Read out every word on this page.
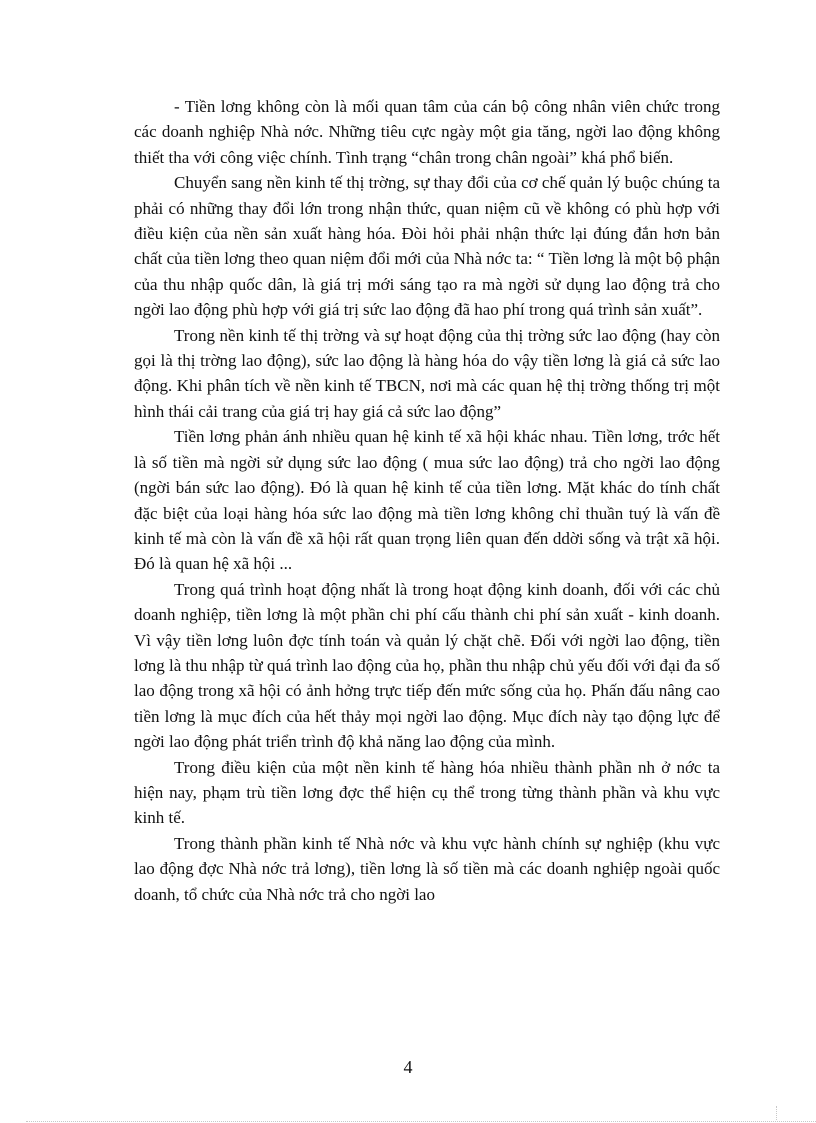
- Tiền lơng không còn là mối quan tâm của cán bộ công nhân viên chức trong các doanh nghiệp Nhà nớc. Những tiêu cực ngày một gia tăng, ngời lao động không thiết tha với công việc chính. Tình trạng “chân trong chân ngoài” khá phổ biến.

Chuyển sang nền kinh tế thị trờng, sự thay đổi của cơ chế quản lý buộc chúng ta phải có những thay đổi lớn trong nhận thức, quan niệm cũ về không có phù hợp với điều kiện của nền sản xuất hàng hóa. Đòi hỏi phải nhận thức lại đúng đắn hơn bản chất của tiền lơng theo quan niệm đổi mới của Nhà nớc ta: “ Tiền lơng là một bộ phận của thu nhập quốc dân, là giá trị mới sáng tạo ra mà ngời sử dụng lao động trả cho ngời lao động phù hợp với giá trị sức lao động đã hao phí trong quá trình sản xuất”.

Trong nền kinh tế thị trờng và sự hoạt động của thị trờng sức lao động (hay còn gọi là thị trờng lao động), sức lao động là hàng hóa do vậy tiền lơng là giá cả sức lao động. Khi phân tích về nền kinh tế TBCN, nơi mà các quan hệ thị trờng thống trị một hình thái cải trang của giá trị hay giá cả sức lao động”

Tiền lơng phản ánh nhiều quan hệ kinh tế xã hội khác nhau. Tiền lơng, trớc hết là số tiền mà ngời sử dụng sức lao động ( mua sức lao động) trả cho ngời lao động (ngời bán sức lao động). Đó là quan hệ kinh tế của tiền lơng. Mặt khác do tính chất đặc biệt của loại hàng hóa sức lao động mà tiền lơng không chỉ thuần tuý là vấn đề kinh tế mà còn là vấn đề xã hội rất quan trọng liên quan đến ddời sống và trật xã hội. Đó là quan hệ xã hội ...

Trong quá trình hoạt động nhất là trong hoạt động kinh doanh, đối với các chủ doanh nghiệp, tiền lơng là một phần chi phí cấu thành chi phí sản xuất - kinh doanh. Vì vậy tiền lơng luôn đợc tính toán và quản lý chặt chẽ. Đối với ngời lao động, tiền lơng là thu nhập từ quá trình lao động của họ, phần thu nhập chủ yếu đối với đại đa số lao động trong xã hội có ảnh hởng trực tiếp đến mức sống của họ. Phấn đấu nâng cao tiền lơng là mục đích của hết thảy mọi ngời lao động. Mục đích này tạo động lực để ngời lao động phát triển trình độ khả năng lao động của mình.

Trong điều kiện của một nền kinh tế hàng hóa nhiều thành phần nh ở nớc ta hiện nay, phạm trù tiền lơng đợc thể hiện cụ thể trong từng thành phần và khu vực kinh tế.

Trong thành phần kinh tế Nhà nớc và khu vực hành chính sự nghiệp (khu vực lao động đợc Nhà nớc trả lơng), tiền lơng là số tiền mà các doanh nghiệp ngoài quốc doanh, tổ chức của Nhà nớc trả cho ngời lao

4
